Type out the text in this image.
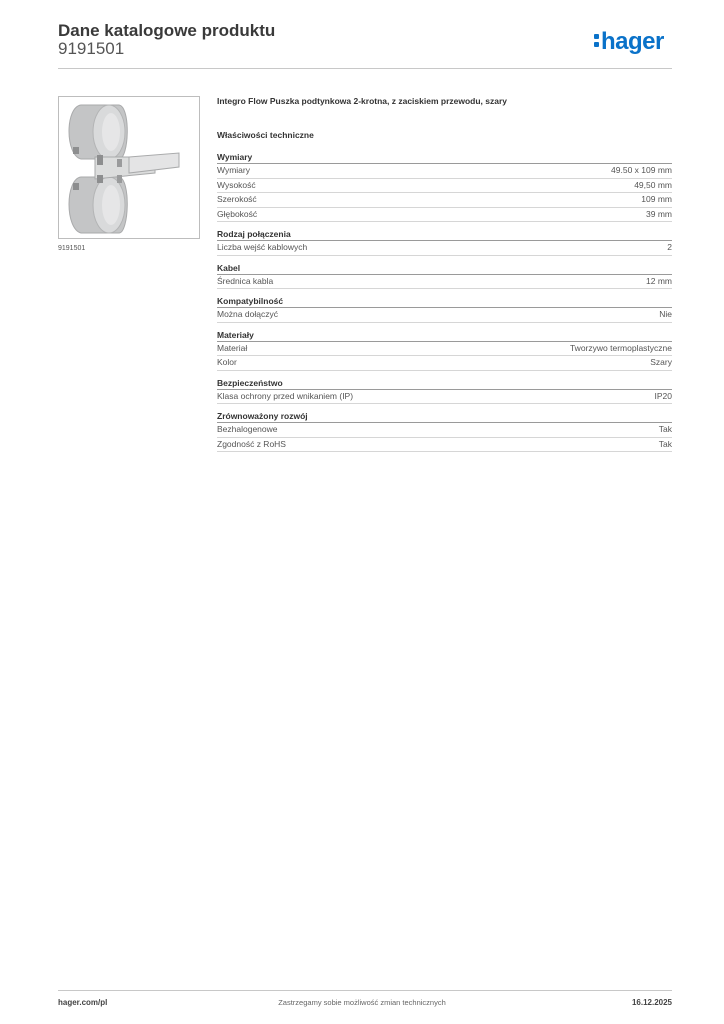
Dane katalogowe produktu
9191501	hager
9191501
Integro Flow Puszka podtynkowa 2-krotna, z zaciskiem przewodu, szary
Właściwości techniczne
Wymiary
Wymiary	49.50 x 109 mm
Wysokość	49,50 mm
Szerokość	109 mm
Głębokość	39 mm
Rodzaj połączenia
Liczba wejść kablowych	2
Kabel
Średnica kabla	12 mm
Kompatybilność
Można dołączyć	Nie
Materiały
Materiał	Tworzywo termoplastyczne
Kolor	Szary
Bezpieczeństwo
Klasa ochrony przed wnikaniem (IP)	IP20
Zrównoważony rozwój
Bezhalogenowe	Tak
Zgodność z RoHS	Tak
hager.com/pl	Zastrzegamy sobie możliwość zmian technicznych	16.12.2025
